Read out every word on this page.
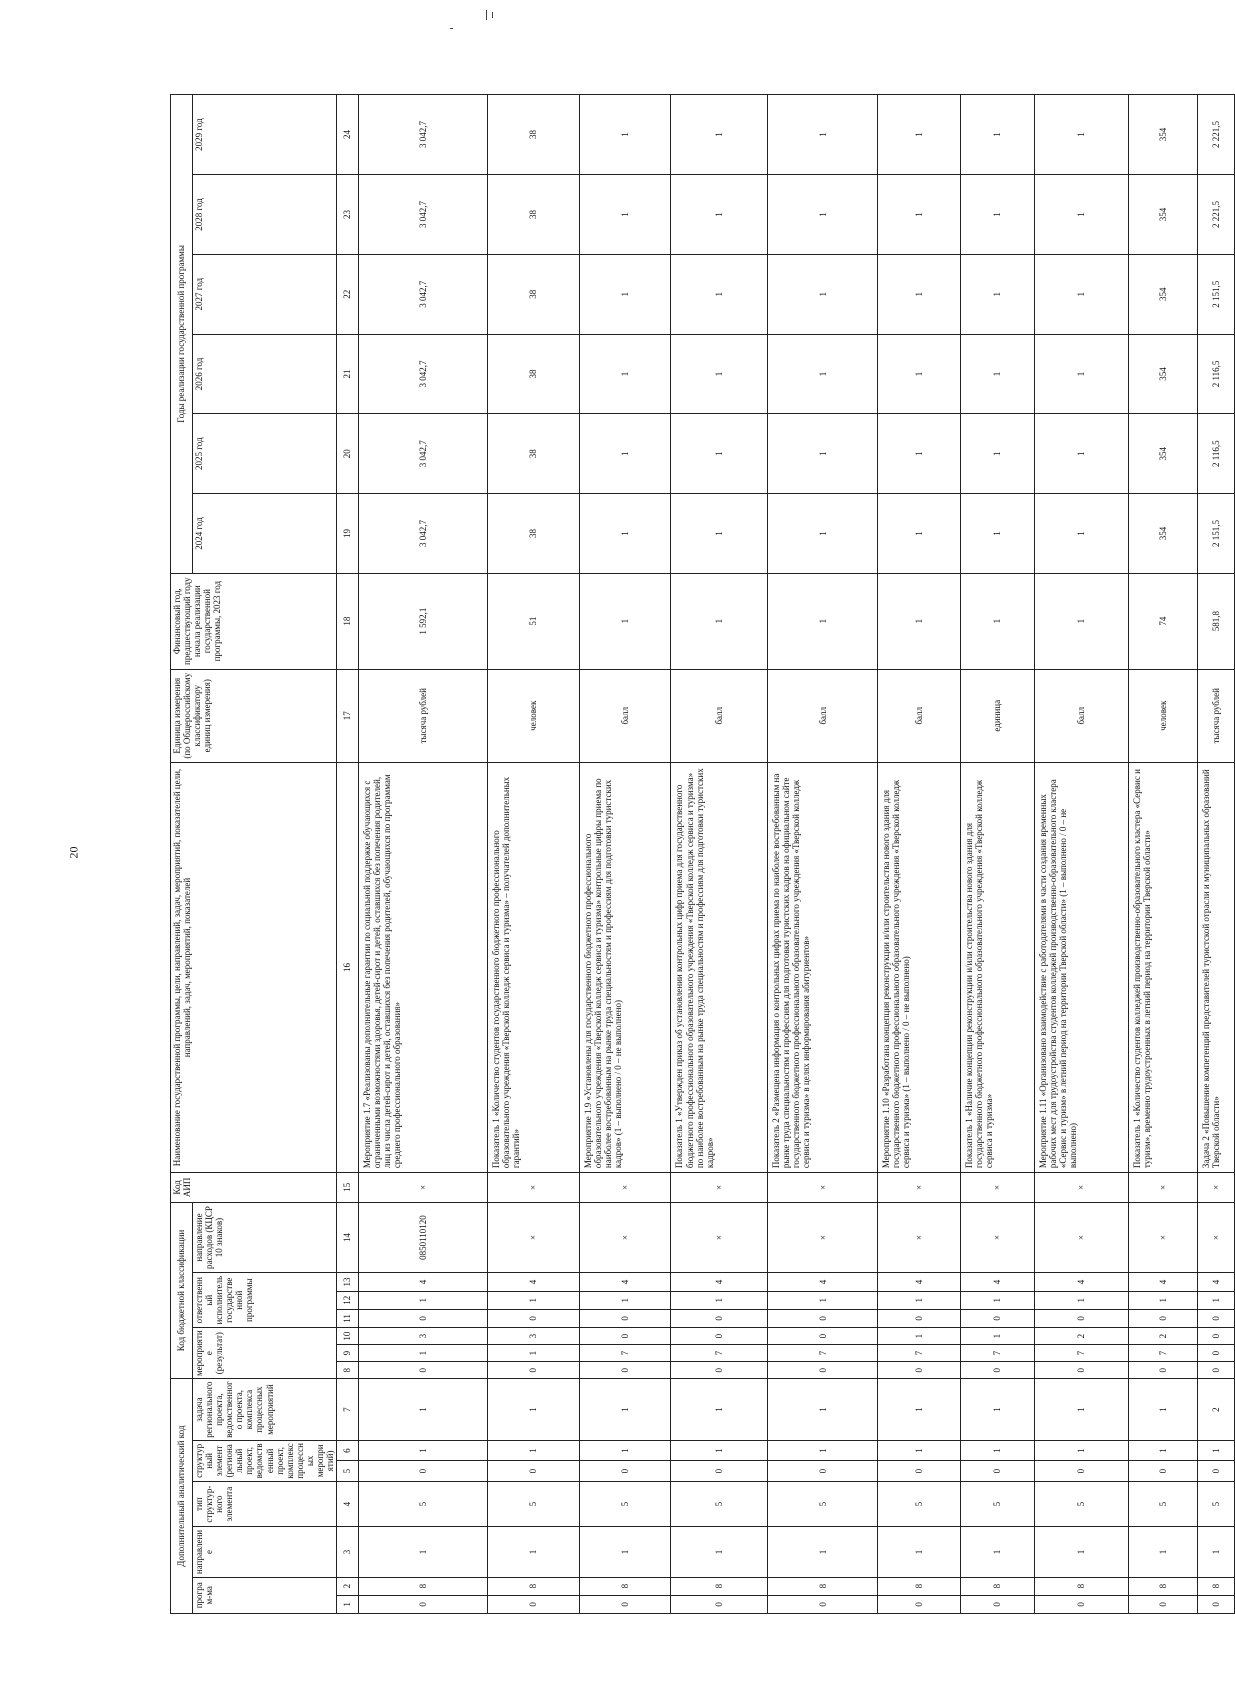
20
Дополнительный аналитический код							Код бюджетной классификации							Код АИП	Наименование государственной программы, цели, направлений, задач, мероприятий, показателей цели, направлений, задач, мероприятий, показателей	Единица измерения (по Общероссийскому классификатору единиц измерения)	Финансовый год, предшествующий году начала реализации государственной программы, 2023 год	Годы реализации государственной программы					
програм-ма		направление	тип структур-ного элемента	структурный элемент (региональный проект, ведомственный проект, комплекс процессных мероприятий)		задача регионального проекта, ведомственного проекта, комплекса процессных мероприятий	мероприятие (результат)			ответственный исполнитель государственной программы			направление расходов (КЦСР 10 знаков)					2024 год	2025 год	2026 год	2027 год	2028 год	2029 год

1	2	3	4	5	6	7	8	9	10	11	12	13	14	15	16	17	18	19	20	21	22	23	24
0	8	1	5	0	1	1	0	1	3	0	1	4	0850110120	×	Мероприятие 1.7 «Реализованы дополнительные гарантии по социальной поддержке обучающихся с ограниченными возможностями здоровья, детей-сирот и детей, оставшихся без попечения родителей, лиц из числа детей-сирот и детей, оставшихся без попечения родителей, обучающихся по программам среднего профессионального образования»	тысяча рублей	1 592,1	3 042,7	3 042,7	3 042,7	3 042,7	3 042,7	3 042,7
0	8	1	5	0	1	1	0	1	3	0	1	4	×	×	Показатель 1 «Количество студентов государственного бюджетного профессионального образовательного учреждения «Тверской колледж сервиса и туризма» – получателей дополнительных гарантий»	человек	51	38	38	38	38	38	38
0	8	1	5	0	1	1	0	7	0	0	1	4	×	×	Мероприятие 1.9 «Установлены для государственного бюджетного профессионального образовательного учреждения «Тверской колледж сервиса и туризма» контрольные цифры приема по наиболее востребованным на рынке труда специальностям и профессиям для подготовки туристских кадров» (1 – выполнено / 0 – не выполнено)	балл	1	1	1	1	1	1	1
0	8	1	5	0	1	1	0	7	0	0	1	4	×	×	Показатель 1 «Утвержден приказ об установлении контрольных цифр приема для государственного бюджетного профессионального образовательного учреждения «Тверской колледж сервиса и туризма» по наиболее востребованным на рынке труда специальностям и профессиям для подготовки туристских кадров»	балл	1	1	1	1	1	1	1
0	8	1	5	0	1	1	0	7	0	0	1	4	×	×	Показатель 2 «Размещена информация о контрольных цифрах приема по наиболее востребованным на рынке труда специальностям и профессиям для подготовки туристских кадров на официальном сайте государственного бюджетного профессионального образовательного учреждения «Тверской колледж сервиса и туризма» в целях информирования абитуриентов»	балл	1	1	1	1	1	1	1
0	8	1	5	0	1	1	0	7	1	0	1	4	×	×	Мероприятие 1.10 «Разработана концепция реконструкции и/или строительства нового здания для государственного бюджетного профессионального образовательного учреждения «Тверской колледж сервиса и туризма» (1 – выполнено / 0 – не выполнено)	балл	1	1	1	1	1	1	1
0	8	1	5	0	1	1	0	7	1	0	1	4	×	×	Показатель 1 «Наличие концепции реконструкции и/или строительства нового здания для государственного бюджетного профессионального образовательного учреждения «Тверской колледж сервиса и туризма»	единица	1	1	1	1	1	1	1
0	8	1	5	0	1	1	0	7	2	0	1	4	×	×	Мероприятие 1.11 «Организовано взаимодействие с работодателями в части создания временных рабочих мест для трудоустройства студентов колледжей производственно-образовательного кластера «Сервис и туризм» в летний период на территории Тверской области» (1 – выполнено / 0 – не выполнено)	балл	1	1	1	1	1	1	1
0	8	1	5	0	1	1	0	7	2	0	1	4	×	×	Показатель 1 «Количество студентов колледжей производственно-образовательного кластера «Сервис и туризм», временно трудоустроенных в летний период на территории Тверской области»	человек	74	354	354	354	354	354	354
0	8	1	5	0	1	2	0	0	0	0	1	4	×	×	Задача 2 «Повышение компетенций представителей туристской отрасли и муниципальных образований Тверской области»	тысяча рублей	581,8	2 151,5	2 116,5	2 116,5	2 151,5	2 221,5	2 221,5
